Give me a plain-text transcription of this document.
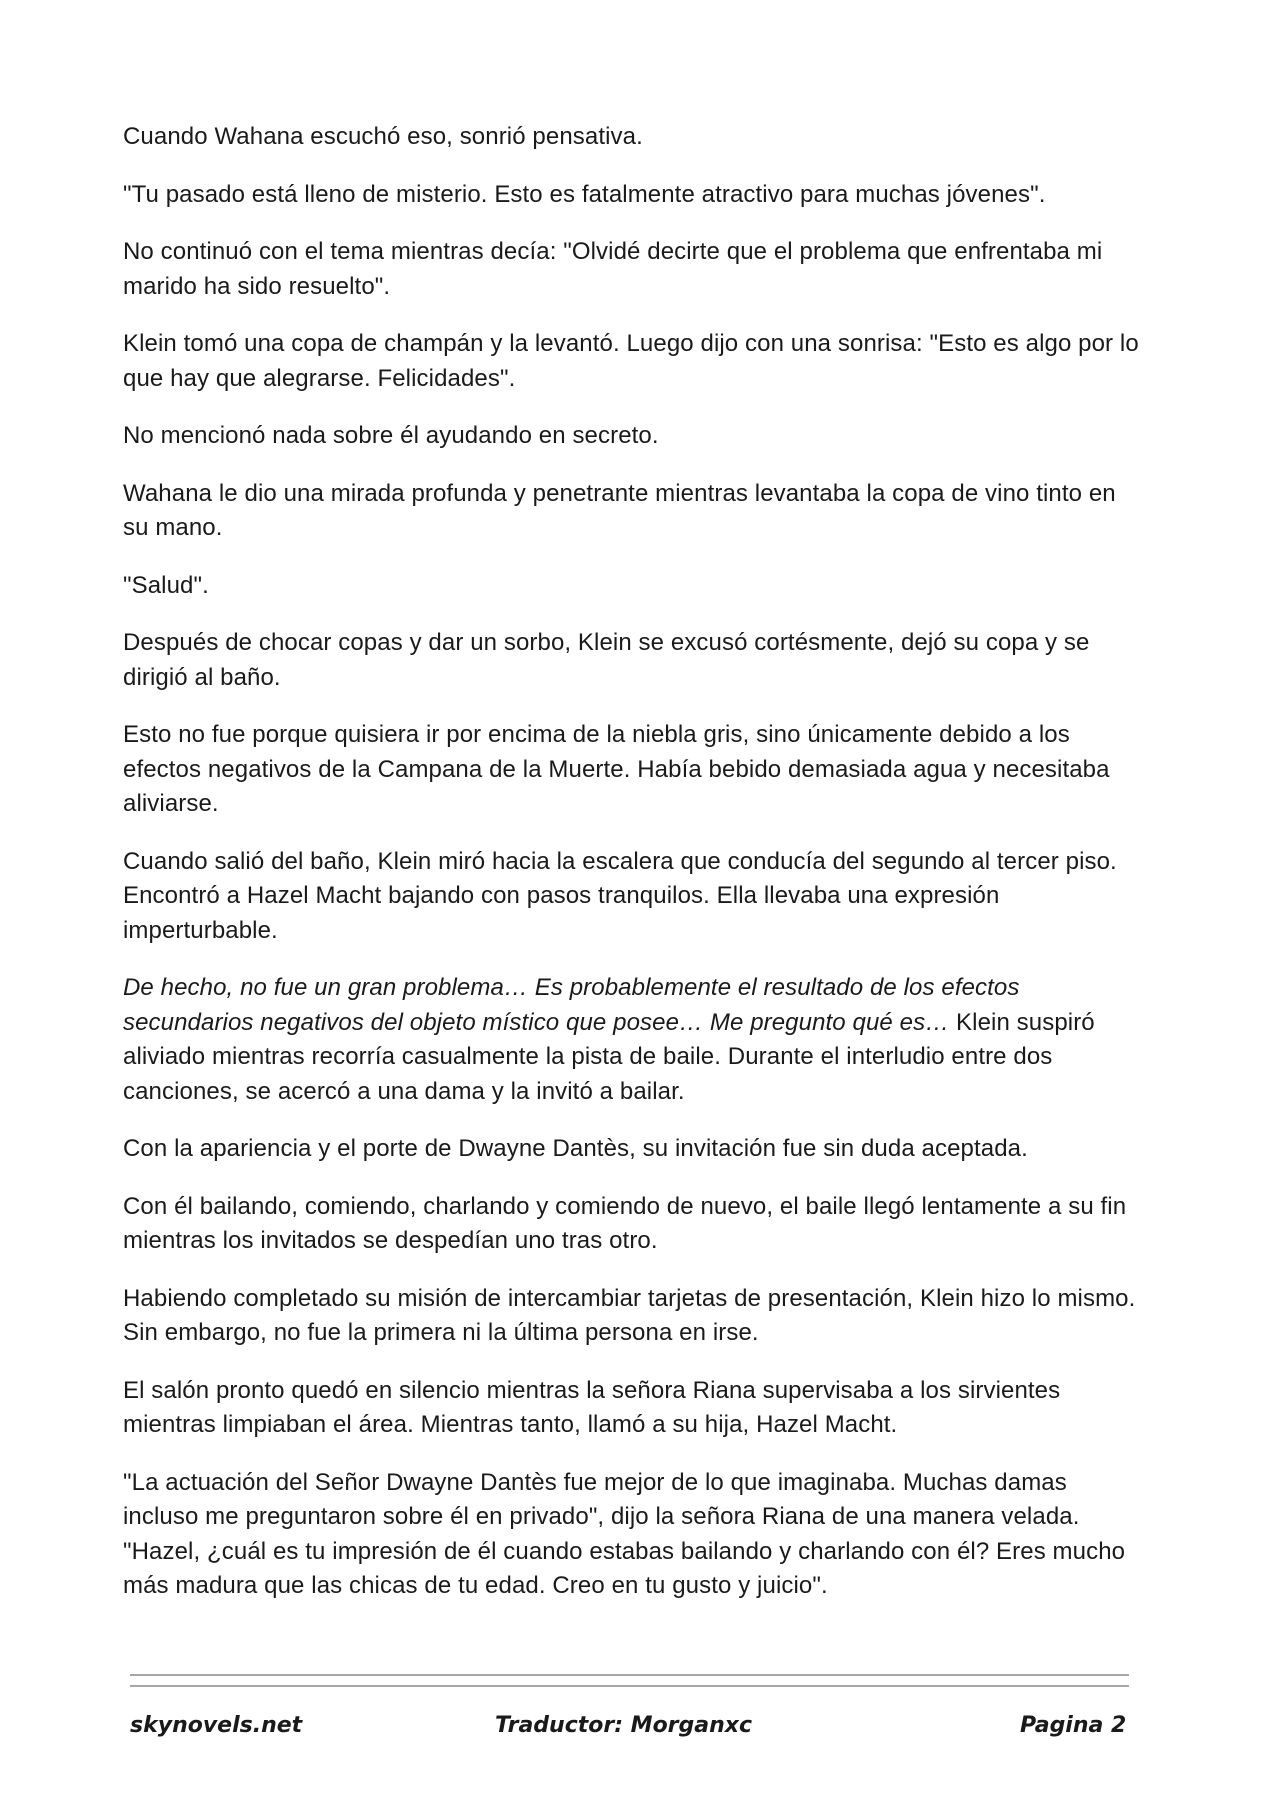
Cuando Wahana escuchó eso, sonrió pensativa.

"Tu pasado está lleno de misterio. Esto es fatalmente atractivo para muchas jóvenes".

No continuó con el tema mientras decía: "Olvidé decirte que el problema que enfrentaba mi marido ha sido resuelto".

Klein tomó una copa de champán y la levantó. Luego dijo con una sonrisa: "Esto es algo por lo que hay que alegrarse. Felicidades".

No mencionó nada sobre él ayudando en secreto.

Wahana le dio una mirada profunda y penetrante mientras levantaba la copa de vino tinto en su mano.

"Salud".

Después de chocar copas y dar un sorbo, Klein se excusó cortésmente, dejó su copa y se dirigió al baño.

Esto no fue porque quisiera ir por encima de la niebla gris, sino únicamente debido a los efectos negativos de la Campana de la Muerte. Había bebido demasiada agua y necesitaba aliviarse.

Cuando salió del baño, Klein miró hacia la escalera que conducía del segundo al tercer piso. Encontró a Hazel Macht bajando con pasos tranquilos. Ella llevaba una expresión imperturbable.

De hecho, no fue un gran problema… Es probablemente el resultado de los efectos secundarios negativos del objeto místico que posee… Me pregunto qué es… Klein suspiró aliviado mientras recorría casualmente la pista de baile. Durante el interludio entre dos canciones, se acercó a una dama y la invitó a bailar.

Con la apariencia y el porte de Dwayne Dantès, su invitación fue sin duda aceptada.

Con él bailando, comiendo, charlando y comiendo de nuevo, el baile llegó lentamente a su fin mientras los invitados se despedían uno tras otro.

Habiendo completado su misión de intercambiar tarjetas de presentación, Klein hizo lo mismo. Sin embargo, no fue la primera ni la última persona en irse.

El salón pronto quedó en silencio mientras la señora Riana supervisaba a los sirvientes mientras limpiaban el área. Mientras tanto, llamó a su hija, Hazel Macht.

"La actuación del Señor Dwayne Dantès fue mejor de lo que imaginaba. Muchas damas incluso me preguntaron sobre él en privado", dijo la señora Riana de una manera velada. "Hazel, ¿cuál es tu impresión de él cuando estabas bailando y charlando con él? Eres mucho más madura que las chicas de tu edad. Creo en tu gusto y juicio".

skynovels.net	Traductor: Morganxc	Pagina 2
